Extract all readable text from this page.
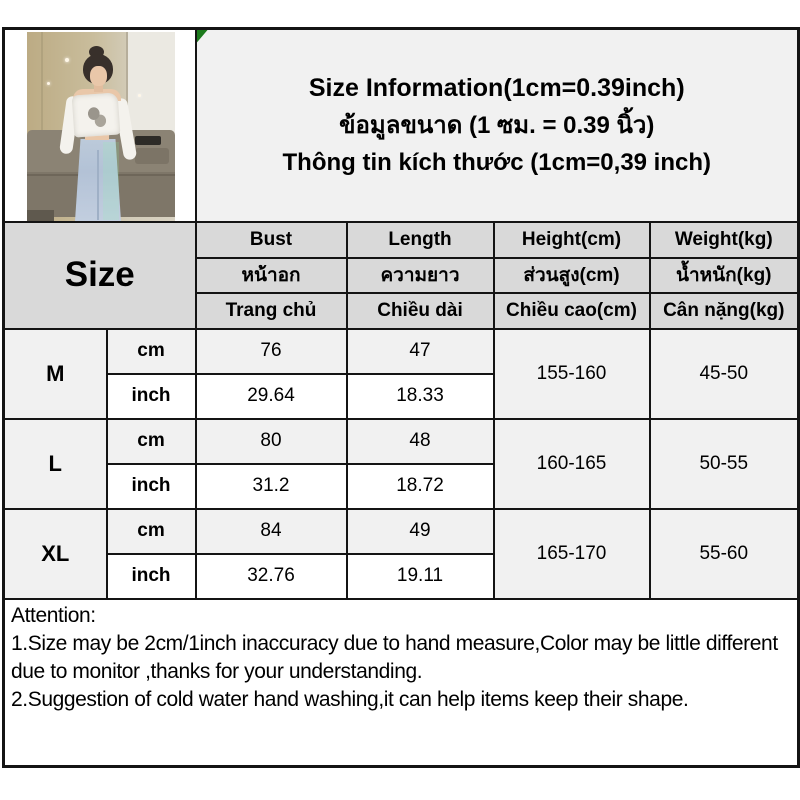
		Size Information(1cm=0.39inch)
ข้อมูลขนาด (1 ซม. = 0.39 นิ้ว)
Thông tin kích thước (1cm=0,39 inch)			

Size		Bust	Length	Height(cm)	Weight(kg)
		หน้าอก	ความยาว	ส่วนสูง(cm)	น้ำหนัก(kg)
		Trang chủ	Chiều dài	Chiều cao(cm)	Cân nặng(kg)
M	cm	76	47	155-160	45-50
	inch	29.64	18.33		
L	cm	80	48	160-165	50-55
	inch	31.2	18.72		
XL	cm	84	49	165-170	55-60
	inch	32.76	19.11		

Attention:
1.Size may be 2cm/1inch inaccuracy due to hand measure,Color may be little different due to monitor ,thanks for your understanding.
2.Suggestion of cold water hand washing,it can help items keep their shape.					
